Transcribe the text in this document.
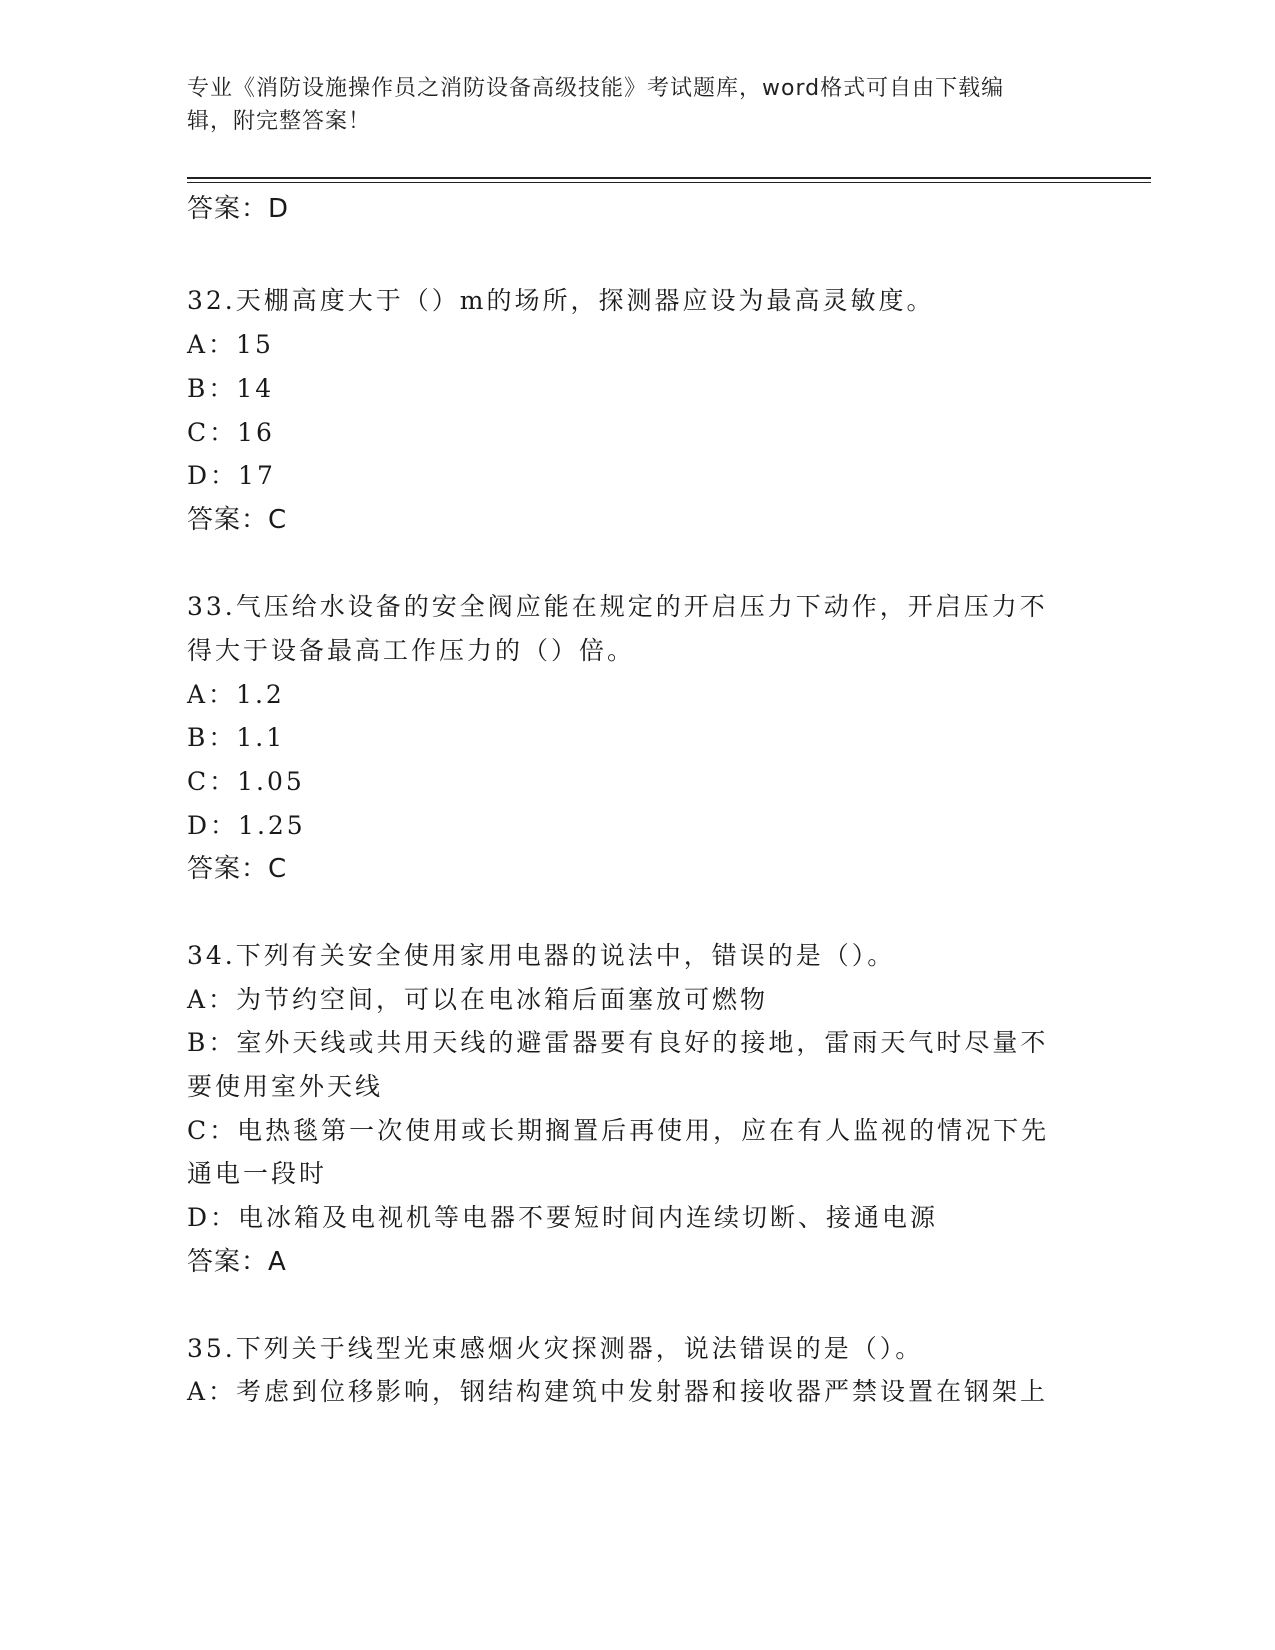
专业《消防设施操作员之消防设备高级技能》考试题库，word格式可自由下载编
辑，附完整答案！
答案：D
32.天棚高度大于（）m的场所，探测器应设为最高灵敏度。
A：15
B：14
C：16
D：17
答案：C
33.气压给水设备的安全阀应能在规定的开启压力下动作，开启压力不
得大于设备最高工作压力的（）倍。
A：1.2
B：1.1
C：1.05
D：1.25
答案：C
34.下列有关安全使用家用电器的说法中，错误的是（）。
A：为节约空间，可以在电冰箱后面塞放可燃物
B：室外天线或共用天线的避雷器要有良好的接地，雷雨天气时尽量不
要使用室外天线
C：电热毯第一次使用或长期搁置后再使用，应在有人监视的情况下先
通电一段时
D：电冰箱及电视机等电器不要短时间内连续切断、接通电源
答案：A
35.下列关于线型光束感烟火灾探测器，说法错误的是（）。
A：考虑到位移影响，钢结构建筑中发射器和接收器严禁设置在钢架上
